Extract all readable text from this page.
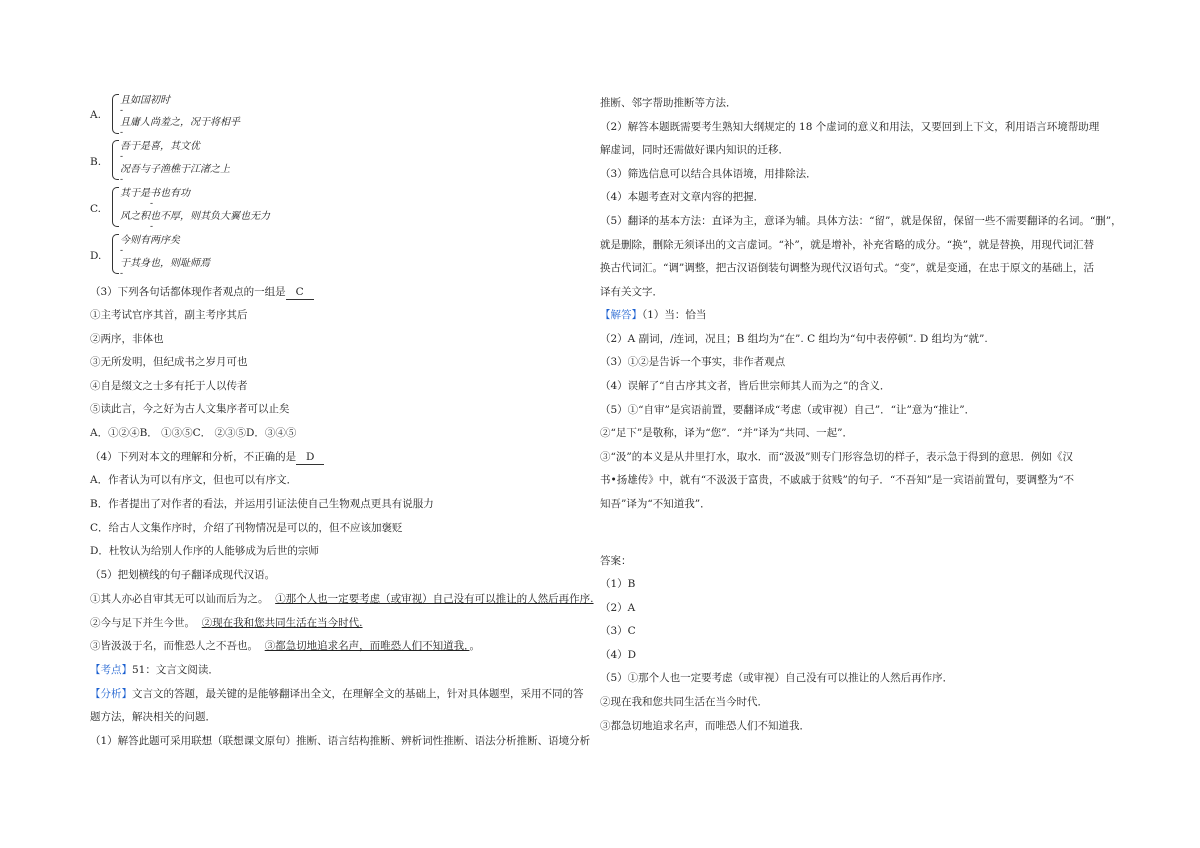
A.
且如国初时
-
且庸人尚羞之，况于将相乎
-
B.
吾于是喜，其文优
-
况吾与子渔樵于江渚之上
-
C.
其于是书也有功
-
风之积也不厚，则其负大翼也无力
-
D.
今则有两序矣
-
于其身也，则耻师焉
-
（3）下列各句话都体现作者观点的一组是 C
①主考试官序其首，副主考序其后
②两序，非体也
③无所发明，但纪成书之岁月可也
④自是缀文之士多有托于人以传者
⑤读此言，今之好为古人文集序者可以止矣
A．①②④B． ①③⑤C． ②③⑤D．③④⑤
（4）下列对本文的理解和分析，不正确的是 D
A．作者认为可以有序文，但也可以有序文．
B．作者提出了对作者的看法，并运用引证法使自己生物观点更具有说服力
C．给古人文集作序时，介绍了刊物情况是可以的，但不应该加褒贬
D．杜牧认为给别人作序的人能够成为后世的宗师
（5）把划横线的句子翻译成现代汉语。
①其人亦必自审其无可以讪而后为之。 ①那个人也一定要考虑（或审视）自己没有可以推让的人然后再作序.
②今与足下并生今世。 ②现在我和您共同生活在当今时代.
③皆汲汲于名，而惟恐人之不吾也。 ③都急切地追求名声，而唯恐人们不知道我．。
【考点】51：文言文阅读．
【分析】文言文的答题，最关键的是能够翻译出全文，在理解全文的基础上，针对具体题型，采用不同的答
题方法，解决相关的问题．
（1）解答此题可采用联想（联想课文原句）推断、语言结构推断、辨析词性推断、语法分析推断、语境分析
推断、邻字帮助推断等方法．
（2）解答本题既需要考生熟知大纲规定的 18 个虚词的意义和用法，又要回到上下文，利用语言环境帮助理
解虚词，同时还需做好课内知识的迁移．
（3）筛选信息可以结合具体语境，用排除法．
（4）本题考查对文章内容的把握．
（5）翻译的基本方法：直译为主，意译为辅。具体方法：“留”，就是保留，保留一些不需要翻译的名词。“删”，
就是删除，删除无须译出的文言虚词。“补”，就是增补，补充省略的成分。“换”，就是替换，用现代词汇替
换古代词汇。“调”调整，把古汉语倒装句调整为现代汉语句式。“变”，就是变通，在忠于原文的基础上，活
译有关文字．
【解答】（1）当：恰当
（2）A 副词，/连词，况且；B 组均为“在”. C 组均为“句中表停顿”. D 组均为“就”.
（3）①②是告诉一个事实，非作者观点
（4）误解了“自古序其文者，皆后世宗师其人而为之”的含义．
（5）①“自审”是宾语前置，要翻译成“考虑（或审视）自己”．“让”意为“推让”．
②“足下”是敬称，译为“您”．“并”译为“共同、一起”．
③“汲”的本义是从井里打水，取水．而“汲汲”则专门形容急切的样子，表示急于得到的意思．例如《汉
书•扬雄传》中，就有“不汲汲于富贵，不戚戚于贫贱”的句子．“不吾知”是一宾语前置句，要调整为“不
知吾”译为“不知道我”．
答案：
（1）B
（2）A
（3）C
（4）D
（5）①那个人也一定要考虑（或审视）自己没有可以推让的人然后再作序．
②现在我和您共同生活在当今时代．
③都急切地追求名声，而唯恐人们不知道我．
